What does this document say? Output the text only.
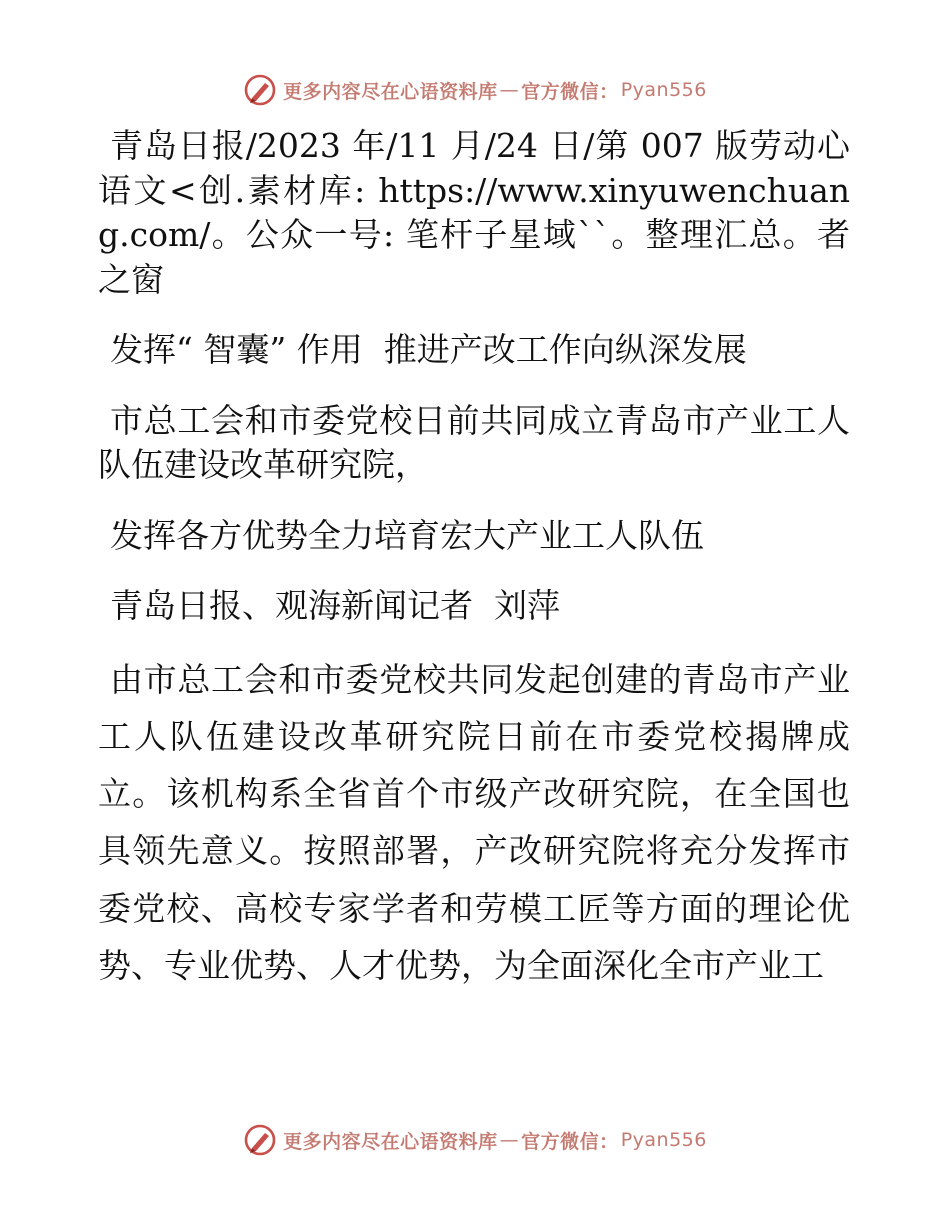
更多内容尽在心语资料库 — 官方微信： Pyan556
青岛日报/2023 年/11 月/24 日/第 007 版劳动心语文<创.素材库: https://www.xinyuwenchuang.com/。公众一号: 笔杆子星域``。整理汇总。者之窗
发挥“ 智囊” 作用  推进产改工作向纵深发展
市总工会和市委党校日前共同成立青岛市产业工人队伍建设改革研究院，
发挥各方优势全力培育宏大产业工人队伍
青岛日报、观海新闻记者  刘萍
由市总工会和市委党校共同发起创建的青岛市产业工人队伍建设改革研究院日前在市委党校揭牌成立。该机构系全省首个市级产改研究院，在全国也具领先意义。按照部署，产改研究院将充分发挥市委党校、高校专家学者和劳模工匠等方面的理论优势、专业优势、人才优势，为全面深化全市产业工
更多内容尽在心语资料库 — 官方微信： Pyan556
